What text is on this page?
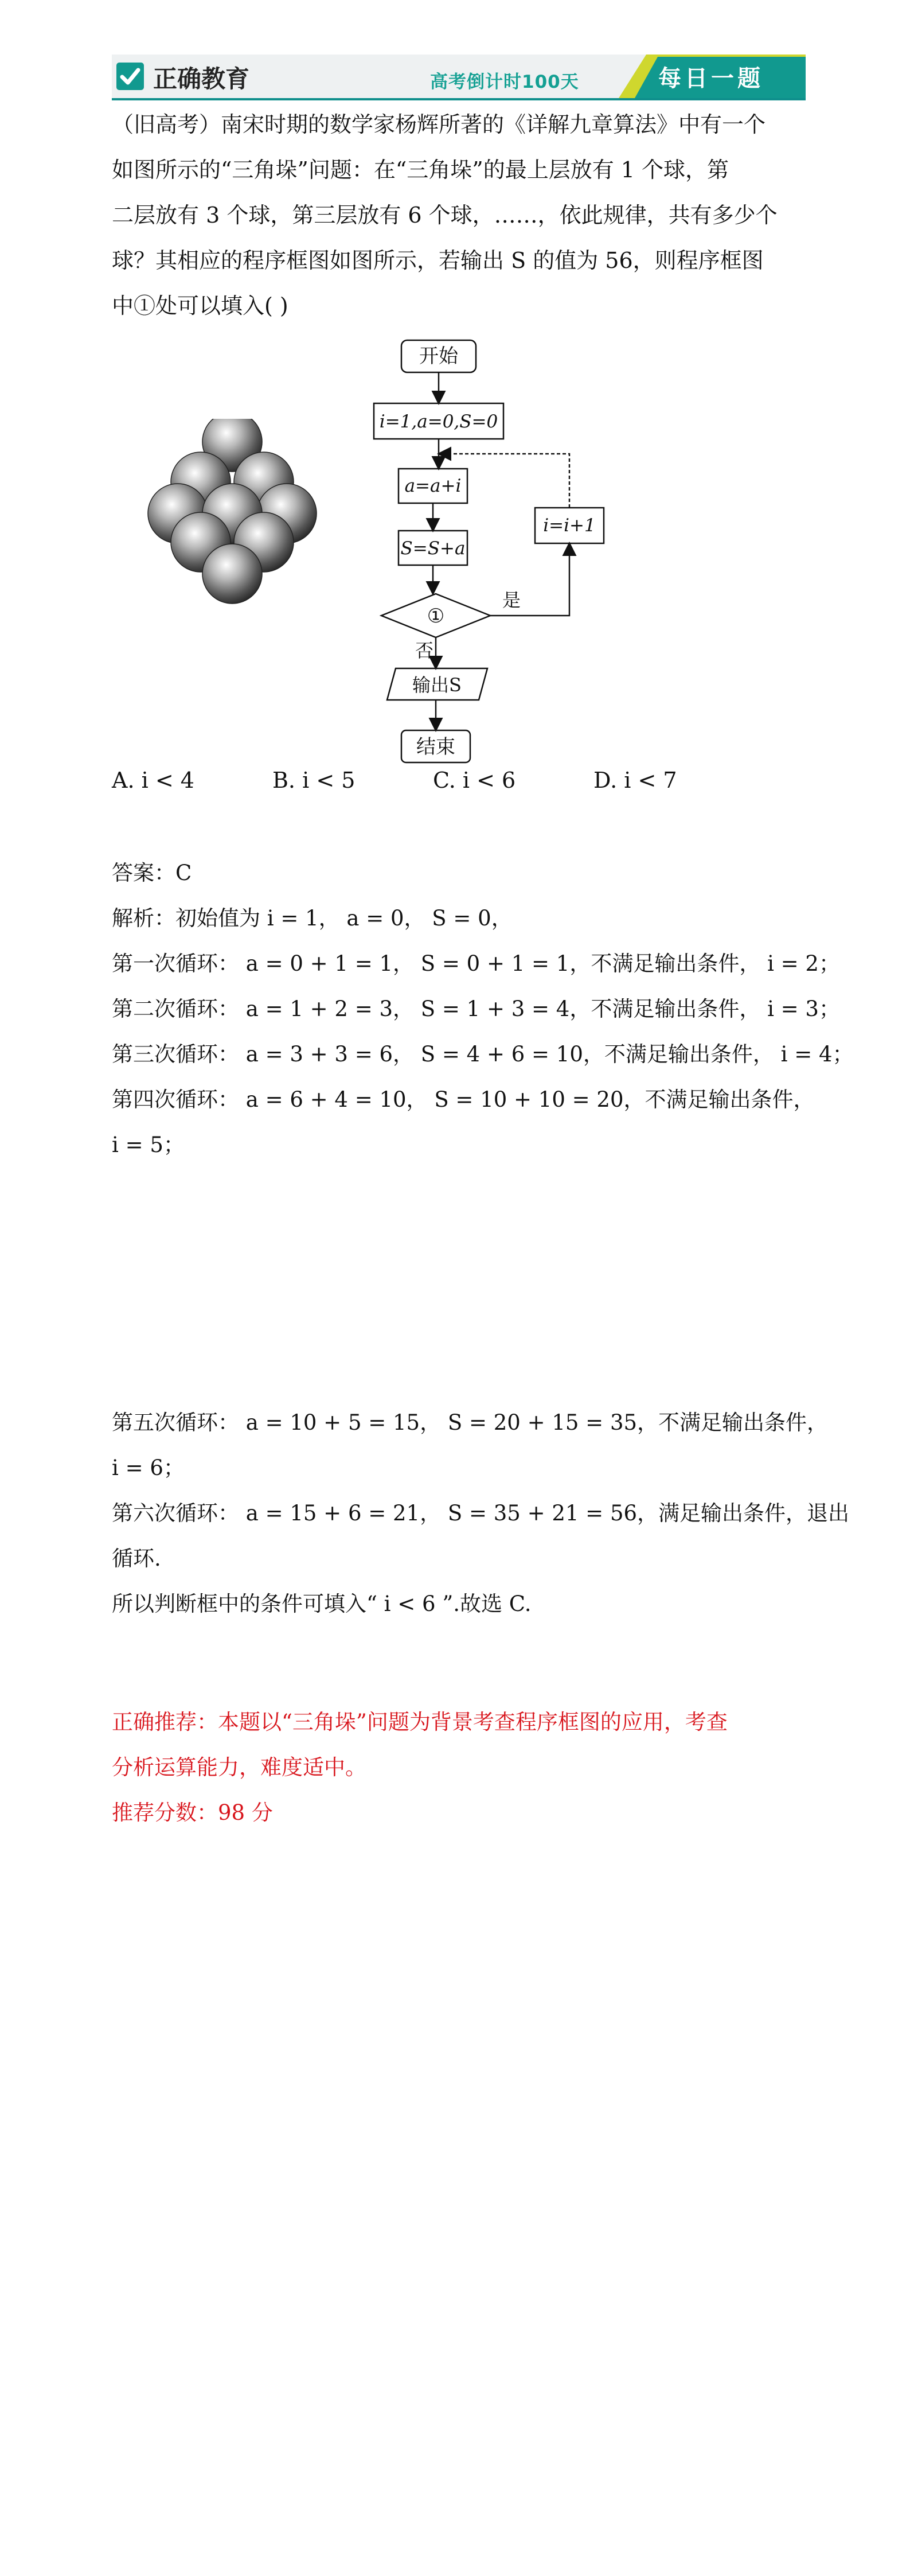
正确教育	高考倒计时100天	每日一题
（旧高考）南宋时期的数学家杨辉所著的《详解九章算法》中有一个
如图所示的“三角垛”问题：在“三角垛”的最上层放有 1 个球，第
二层放有 3 个球，第三层放有 6 个球，……，依此规律，共有多少个
球？其相应的程序框图如图所示，若输出 S 的值为 56，则程序框图
中①处可以填入( )
开始
i=1,a=0,S=0
a=a+i
S=S+a
i=i+1
①
是
否
输出S
结束
A. i < 4	B. i < 5	C. i < 6	D. i < 7
答案：C
解析：初始值为 i = 1， a = 0， S = 0，
第一次循环： a = 0 + 1 = 1， S = 0 + 1 = 1，不满足输出条件， i = 2；
第二次循环： a = 1 + 2 = 3， S = 1 + 3 = 4，不满足输出条件， i = 3；
第三次循环： a = 3 + 3 = 6， S = 4 + 6 = 10，不满足输出条件， i = 4；
第四次循环： a = 6 + 4 = 10， S = 10 + 10 = 20，不满足输出条件，
i = 5；
第五次循环： a = 10 + 5 = 15， S = 20 + 15 = 35，不满足输出条件，
i = 6；
第六次循环： a = 15 + 6 = 21， S = 35 + 21 = 56，满足输出条件，退出
循环.
所以判断框中的条件可填入“ i < 6 ”.故选 C.
正确推荐：本题以“三角垛”问题为背景考查程序框图的应用，考查
分析运算能力，难度适中。
推荐分数：98 分
